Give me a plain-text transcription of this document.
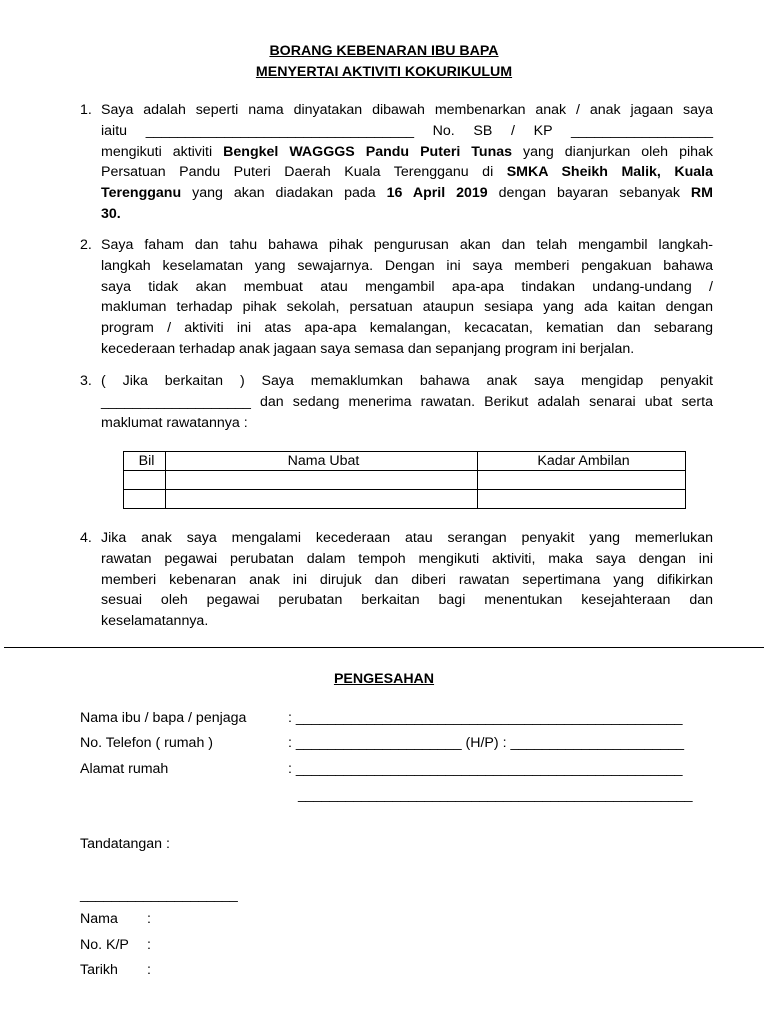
BORANG KEBENARAN IBU BAPA
MENYERTAI AKTIVITI KOKURIKULUM
1. Saya adalah seperti nama dinyatakan dibawah membenarkan anak / anak jagaan saya
iaitu __________________________________ No. SB / KP __________________
mengikuti aktiviti Bengkel WAGGGS Pandu Puteri Tunas yang dianjurkan oleh pihak
Persatuan Pandu Puteri Daerah Kuala Terengganu di SMKA Sheikh Malik, Kuala
Terengganu yang akan diadakan pada 16 April 2019 dengan bayaran sebanyak RM
30.
2. Saya faham dan tahu bahawa pihak pengurusan akan dan telah mengambil langkah-
langkah keselamatan yang sewajarnya. Dengan ini saya memberi pengakuan bahawa
saya tidak akan membuat atau mengambil apa-apa tindakan undang-undang /
makluman terhadap pihak sekolah, persatuan ataupun sesiapa yang ada kaitan dengan
program / aktiviti ini atas apa-apa kemalangan, kecacatan, kematian dan sebarang
kecederaan terhadap anak jagaan saya semasa dan sepanjang program ini berjalan.
3. ( Jika berkaitan ) Saya memaklumkan bahawa anak saya mengidap penyakit
___________________ dan sedang menerima rawatan. Berikut adalah senarai ubat serta
maklumat rawatannya :
Bil	Nama Ubat	Kadar Ambilan

4. Jika anak saya mengalami kecederaan atau serangan penyakit yang memerlukan
rawatan pegawai perubatan dalam tempoh mengikuti aktiviti, maka saya dengan ini
memberi kebenaran anak ini dirujuk dan diberi rawatan sepertimana yang difikirkan
sesuai oleh pegawai perubatan berkaitan bagi menentukan kesejahteraan dan
keselamatannya.
PENGESAHAN
Nama ibu / bapa / penjaga	: _________________________________________________
No. Telefon ( rumah )	: _____________________ (H/P) : ______________________
Alamat rumah	: _________________________________________________
__________________________________________________
Tandatangan :
____________________
Nama :
No. K/P :
Tarikh :
